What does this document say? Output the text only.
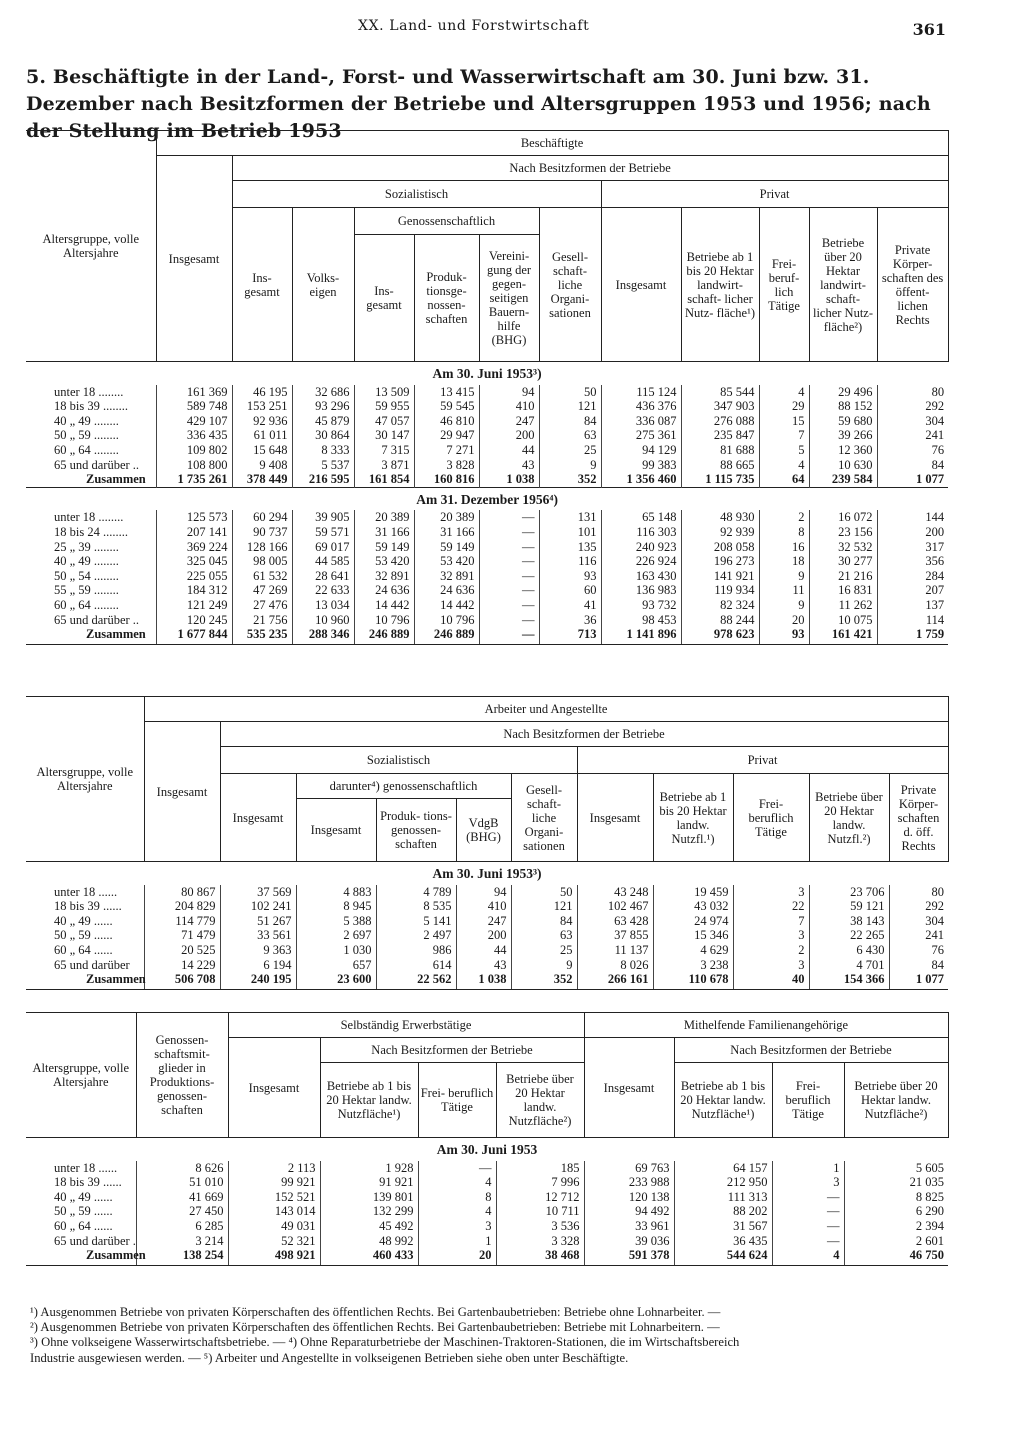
XX. Land- und Forstwirtschaft	361
5. Beschäftigte in der Land-, Forst- und Wasserwirtschaft am 30. Juni bzw. 31. Dezember nach Besitzformen der Betriebe und Altersgruppen 1953 und 1956; nach der Stellung im Betrieb 1953
Altersgruppe, volle Altersjahre	Beschäftigte											
	Insgesamt	Nach Besitzformen der Betriebe										
		Sozialistisch						Privat				
		Ins- gesamt	Volks- eigen	Genossenschaftlich			Gesell- schaft- liche Organi- sationen	Insgesamt	Betriebe ab 1 bis 20 Hektar landwirt- schaft- licher Nutz- fläche¹)	Frei- beruf- lich Tätige	Betriebe über 20 Hektar landwirt- schaft- licher Nutz- fläche²)	Private Körper- schaften des öffent- lichen Rechts
				Ins- gesamt	Produk- tionsge- nossen- schaften	Vereini- gung der gegen- seitigen Bauern- hilfe (BHG)						
Am 30. Juni 1953³)												
unter 18 ........	161 369	46 195	32 686	13 509	13 415	94	50	115 124	85 544	4	29 496	80
18 bis 39 ........	589 748	153 251	93 296	59 955	59 545	410	121	436 376	347 903	29	88 152	292
40 „ 49 ........	429 107	92 936	45 879	47 057	46 810	247	84	336 087	276 088	15	59 680	304
50 „ 59 ........	336 435	61 011	30 864	30 147	29 947	200	63	275 361	235 847	7	39 266	241
60 „ 64 ........	109 802	15 648	8 333	7 315	7 271	44	25	94 129	81 688	5	12 360	76
65 und darüber ..	108 800	9 408	5 537	3 871	3 828	43	9	99 383	88 665	4	10 630	84
Zusammen	1 735 261	378 449	216 595	161 854	160 816	1 038	352	1 356 460	1 115 735	64	239 584	1 077
Am 31. Dezember 1956⁴)												
unter 18 ........	125 573	60 294	39 905	20 389	20 389	—	131	65 148	48 930	2	16 072	144
18 bis 24 ........	207 141	90 737	59 571	31 166	31 166	—	101	116 303	92 939	8	23 156	200
25 „ 39 ........	369 224	128 166	69 017	59 149	59 149	—	135	240 923	208 058	16	32 532	317
40 „ 49 ........	325 045	98 005	44 585	53 420	53 420	—	116	226 924	196 273	18	30 277	356
50 „ 54 ........	225 055	61 532	28 641	32 891	32 891	—	93	163 430	141 921	9	21 216	284
55 „ 59 ........	184 312	47 269	22 633	24 636	24 636	—	60	136 983	119 934	11	16 831	207
60 „ 64 ........	121 249	27 476	13 034	14 442	14 442	—	41	93 732	82 324	9	11 262	137
65 und darüber ..	120 245	21 756	10 960	10 796	10 796	—	36	98 453	88 244	20	10 075	114
Zusammen	1 677 844	535 235	288 346	246 889	246 889	—	713	1 141 896	978 623	93	161 421	1 759
Altersgruppe, volle Altersjahre	Arbeiter und Angestellte										
	Insgesamt	Nach Besitzformen der Betriebe									
		Sozialistisch					Privat				
		Insgesamt	darunter⁴) genossenschaftlich			Gesell- schaft- liche Organi- sationen	Insgesamt	Betriebe ab 1 bis 20 Hektar landw. Nutzfl.¹)	Frei- beruflich Tätige	Betriebe über 20 Hektar landw. Nutzfl.²)	Private Körper- schaften d. öff. Rechts
			Insgesamt	Produk- tions- genossen- schaften	VdgB (BHG)						
Am 30. Juni 1953³)											
unter 18 ......	80 867	37 569	4 883	4 789	94	50	43 248	19 459	3	23 706	80
18 bis 39 ......	204 829	102 241	8 945	8 535	410	121	102 467	43 032	22	59 121	292
40 „ 49 ......	114 779	51 267	5 388	5 141	247	84	63 428	24 974	7	38 143	304
50 „ 59 ......	71 479	33 561	2 697	2 497	200	63	37 855	15 346	3	22 265	241
60 „ 64 ......	20 525	9 363	1 030	986	44	25	11 137	4 629	2	6 430	76
65 und darüber	14 229	6 194	657	614	43	9	8 026	3 238	3	4 701	84
Zusammen	506 708	240 195	23 600	22 562	1 038	352	266 161	110 678	40	154 366	1 077
Altersgruppe, volle Altersjahre	Genossen- schaftsmit- glieder in Produktions- genossen- schaften	Selbständig Erwerbstätige				Mithelfende Familienangehörige			
		Insgesamt	Nach Besitzformen der Betriebe			Insgesamt	Nach Besitzformen der Betriebe		
			Betriebe ab 1 bis 20 Hektar landw. Nutzfläche¹)	Frei- beruflich Tätige	Betriebe über 20 Hektar landw. Nutzfläche²)		Betriebe ab 1 bis 20 Hektar landw. Nutzfläche¹)	Frei- beruflich Tätige	Betriebe über 20 Hektar landw. Nutzfläche²)
Am 30. Juni 1953									
unter 18 ......	8 626	2 113	1 928	—	185	69 763	64 157	1	5 605
18 bis 39 ......	51 010	99 921	91 921	4	7 996	233 988	212 950	3	21 035
40 „ 49 ......	41 669	152 521	139 801	8	12 712	120 138	111 313	—	8 825
50 „ 59 ......	27 450	143 014	132 299	4	10 711	94 492	88 202	—	6 290
60 „ 64 ......	6 285	49 031	45 492	3	3 536	33 961	31 567	—	2 394
65 und darüber .	3 214	52 321	48 992	1	3 328	39 036	36 435	—	2 601
Zusammen	138 254	498 921	460 433	20	38 468	591 378	544 624	4	46 750

¹) Ausgenommen Betriebe von privaten Körperschaften des öffentlichen Rechts. Bei Gartenbaubetrieben: Betriebe ohne Lohnarbeiter. —

²) Ausgenommen Betriebe von privaten Körperschaften des öffentlichen Rechts. Bei Gartenbaubetrieben: Betriebe mit Lohnarbeitern. —

³) Ohne volkseigene Wasserwirtschaftsbetriebe. — ⁴) Ohne Reparaturbetriebe der Maschinen-Traktoren-Stationen, die im Wirtschaftsbereich

Industrie ausgewiesen werden. — ⁵) Arbeiter und Angestellte in volkseigenen Betrieben siehe oben unter Beschäftigte.
